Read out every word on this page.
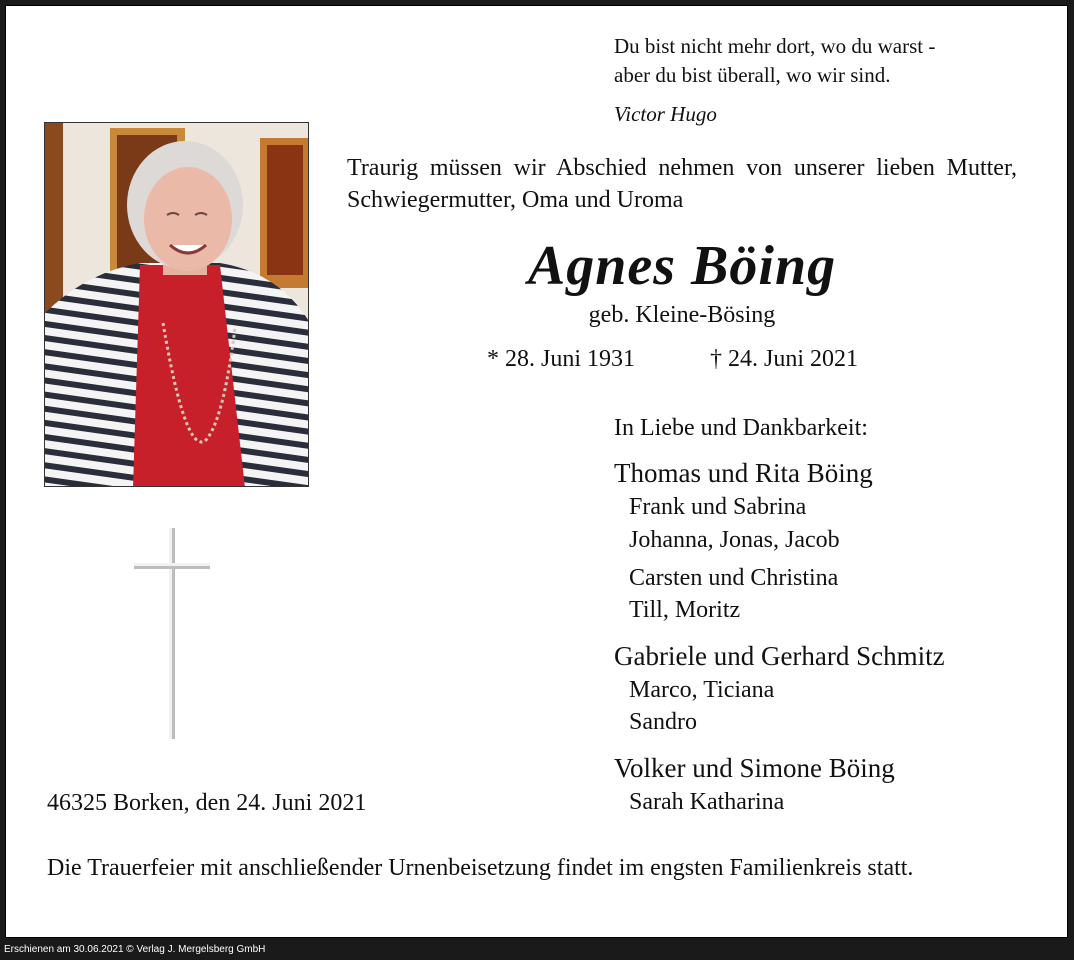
Du bist nicht mehr dort, wo du warst -
aber du bist überall, wo wir sind.
Victor Hugo
Traurig müssen wir Abschied nehmen von unserer lieben Mutter, Schwiegermutter, Oma und Uroma
Agnes Böing
geb. Kleine-Bösing
* 28. Juni 1931	† 24. Juni 2021
In Liebe und Dankbarkeit:
Thomas und Rita Böing
Frank und Sabrina
Johanna, Jonas, Jacob
Carsten und Christina
Till, Moritz
Gabriele und Gerhard Schmitz
Marco, Ticiana
Sandro
Volker und Simone Böing
Sarah Katharina
46325 Borken, den 24. Juni 2021
Die Trauerfeier mit anschließender Urnenbeisetzung findet im engsten Familienkreis statt.
Erschienen am 30.06.2021 © Verlag J. Mergelsberg GmbH
